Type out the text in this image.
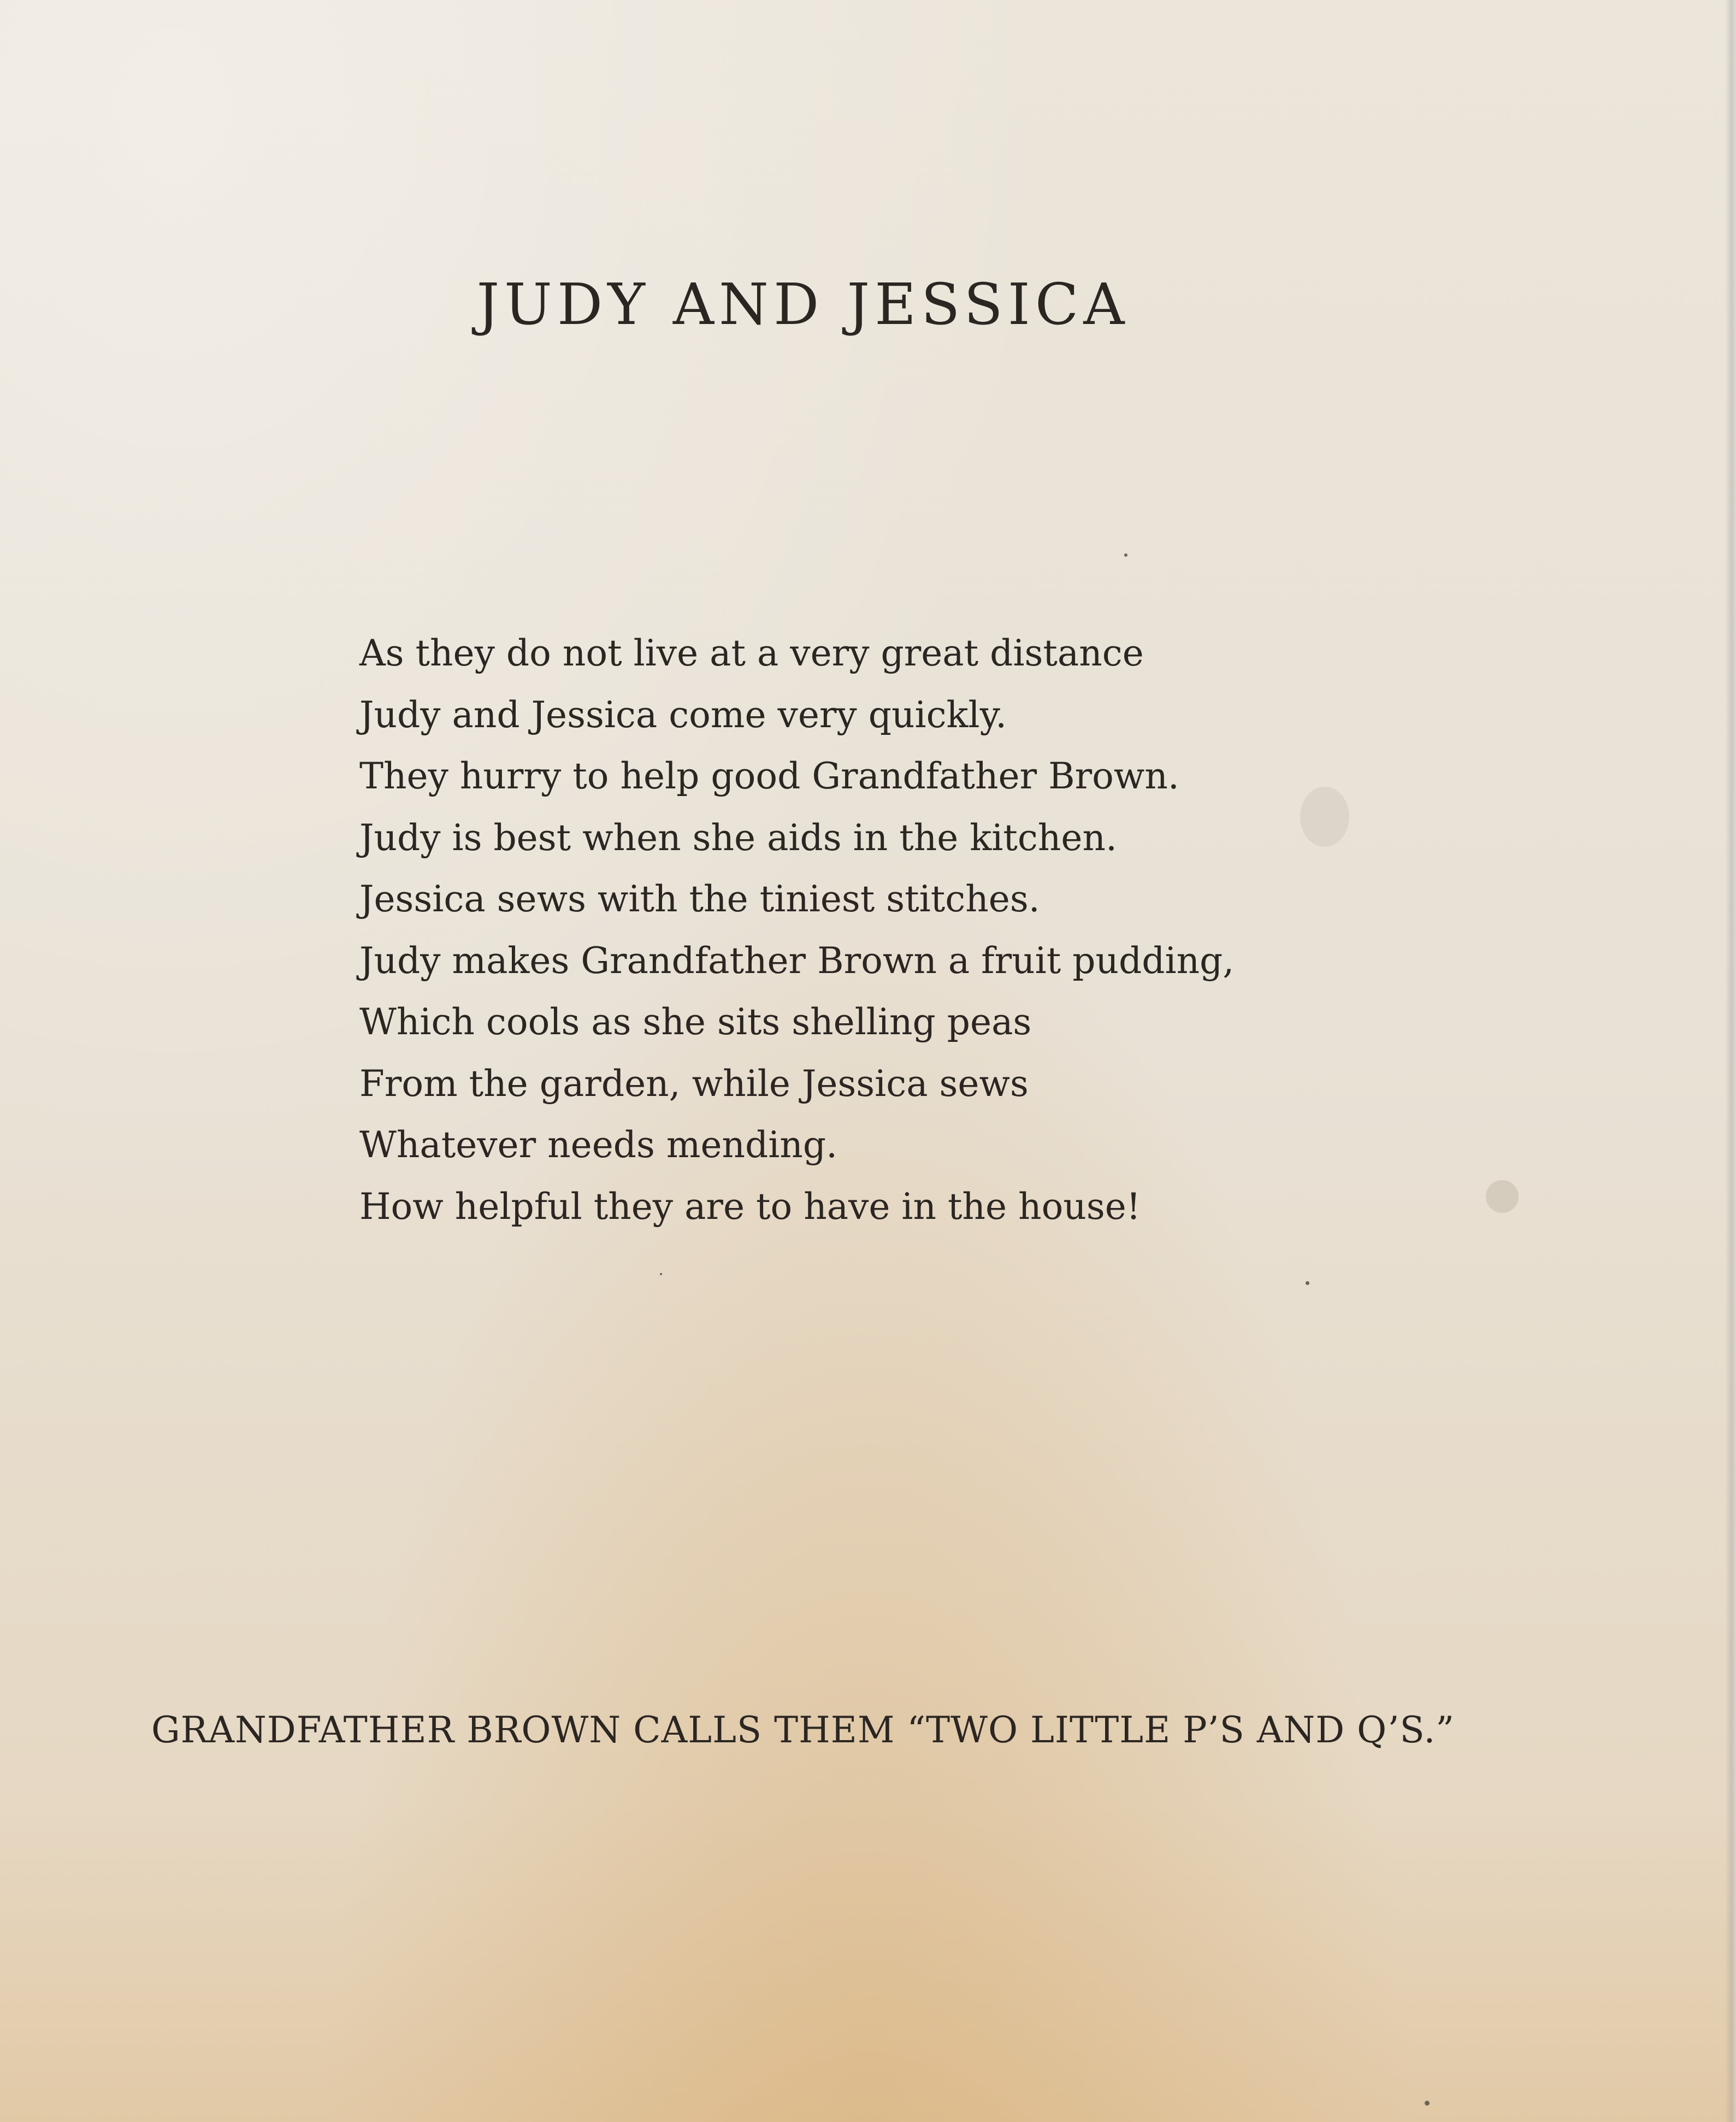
JUDY AND JESSICA
As they do not live at a very great distance
Judy and Jessica come very quickly.
They hurry to help good Grandfather Brown.
Judy is best when she aids in the kitchen.
Jessica sews with the tiniest stitches.
Judy makes Grandfather Brown a fruit pudding,
Which cools as she sits shelling peas
From the garden, while Jessica sews
Whatever needs mending.
How helpful they are to have in the house!
GRANDFATHER BROWN CALLS THEM “TWO LITTLE P’S AND Q’S.”
